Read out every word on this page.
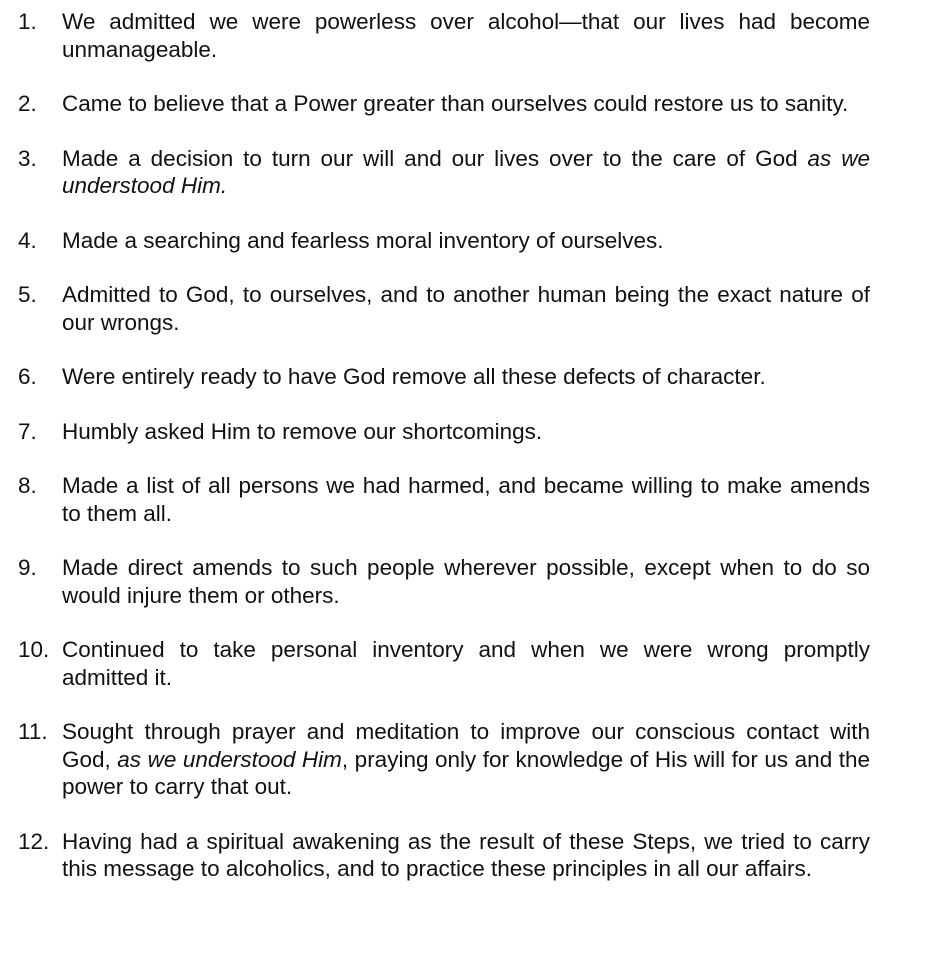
1.	We admitted we were powerless over alcohol—that our lives had become unmanageable.

2.	Came to believe that a Power greater than ourselves could restore us to sanity.

3.	Made a decision to turn our will and our lives over to the care of God as we understood Him.

4.	Made a searching and fearless moral inventory of ourselves.

5.	Admitted to God, to ourselves, and to another human being the exact nature of our wrongs.

6.	Were entirely ready to have God remove all these defects of character.

7.	Humbly asked Him to remove our shortcomings.

8.	Made a list of all persons we had harmed, and became willing to make amends to them all.

9.	Made direct amends to such people wherever possible, except when to do so would injure them or others.

10. Continued to take personal inventory and when we were wrong promptly admitted it.

11. Sought through prayer and meditation to improve our conscious contact with God, as we understood Him, praying only for knowledge of His will for us and the power to carry that out.

12. Having had a spiritual awakening as the result of these Steps, we tried to carry this message to alcoholics, and to practice these principles in all our affairs.
